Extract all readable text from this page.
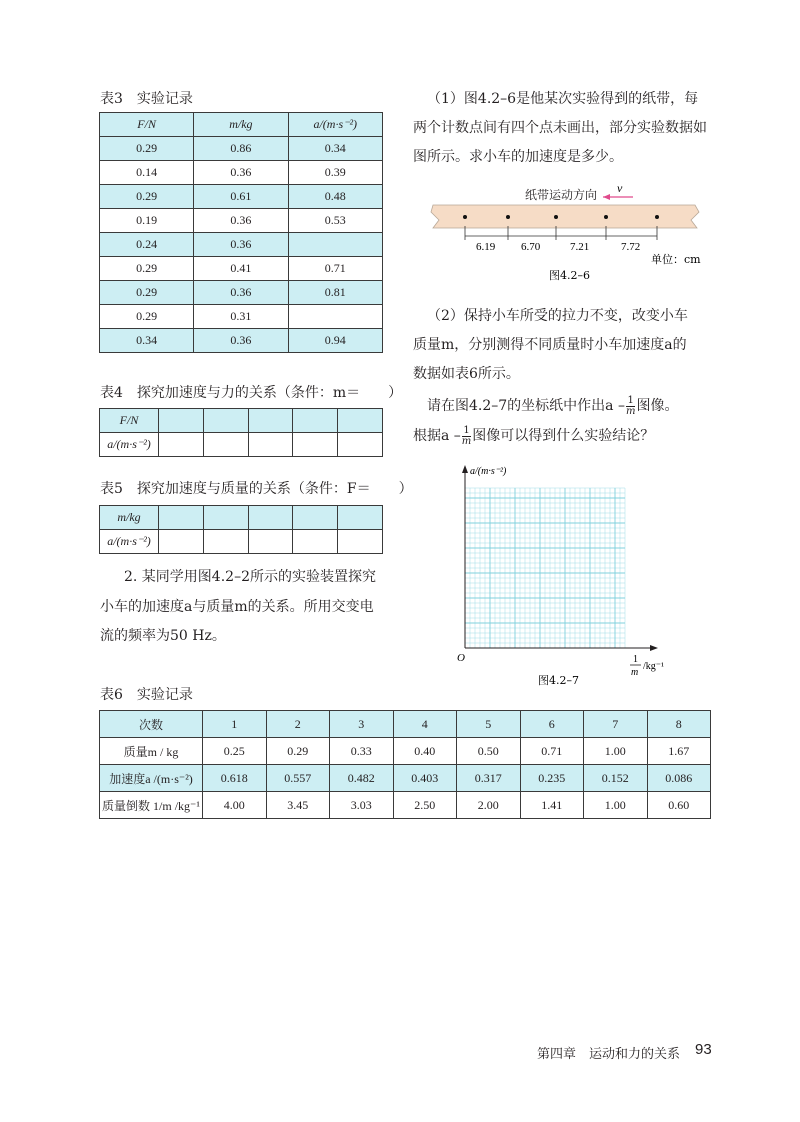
表3　实验记录
F/N	m/kg	a/(m·s⁻²)
0.29	0.86	0.34
0.14	0.36	0.39
0.29	0.61	0.48
0.19	0.36	0.53
0.24	0.36	
0.29	0.41	0.71
0.29	0.36	0.81
0.29	0.31	
0.34	0.36	0.94
表4　探究加速度与力的关系（条件：m＝　　）
F/N					
a/(m·s⁻²)					
表5　探究加速度与质量的关系（条件：F＝　　）
m/kg					
a/(m·s⁻²)					
2. 某同学用图4.2–2所示的实验装置探究
小车的加速度a与质量m的关系。所用交变电
流的频率为50 Hz。
（1）图4.2–6是他某次实验得到的纸带，每
两个计数点间有四个点未画出，部分实验数据如
图所示。求小车的加速度是多少。
纸带运动方向 v
6.19 6.70	7.21	7.72
单位：cm
图4.2–6
（2）保持小车所受的拉力不变，改变小车
质量m，分别测得不同质量时小车加速度a的
数据如表6所示。
请在图4.2–7的坐标纸中作出a – $\frac{1}{m}$ 图像。
根据a – $\frac{1}{m}$ 图像可以得到什么实验结论？
a/(m·s⁻²)
O	1
m
/kg⁻¹
图4.2–7
表6　实验记录
次数	1	2	3	4	5	6	7	8
质量m / kg	0.25	0.29	0.33	0.40	0.50	0.71	1.00	1.67
加速度a /(m·s⁻²)	0.618	0.557	0.482	0.403	0.317	0.235	0.152	0.086
质量倒数 1/m /kg⁻¹	4.00	3.45	3.03	2.50	2.00	1.41	1.00	0.60
第四章　运动和力的关系 93
